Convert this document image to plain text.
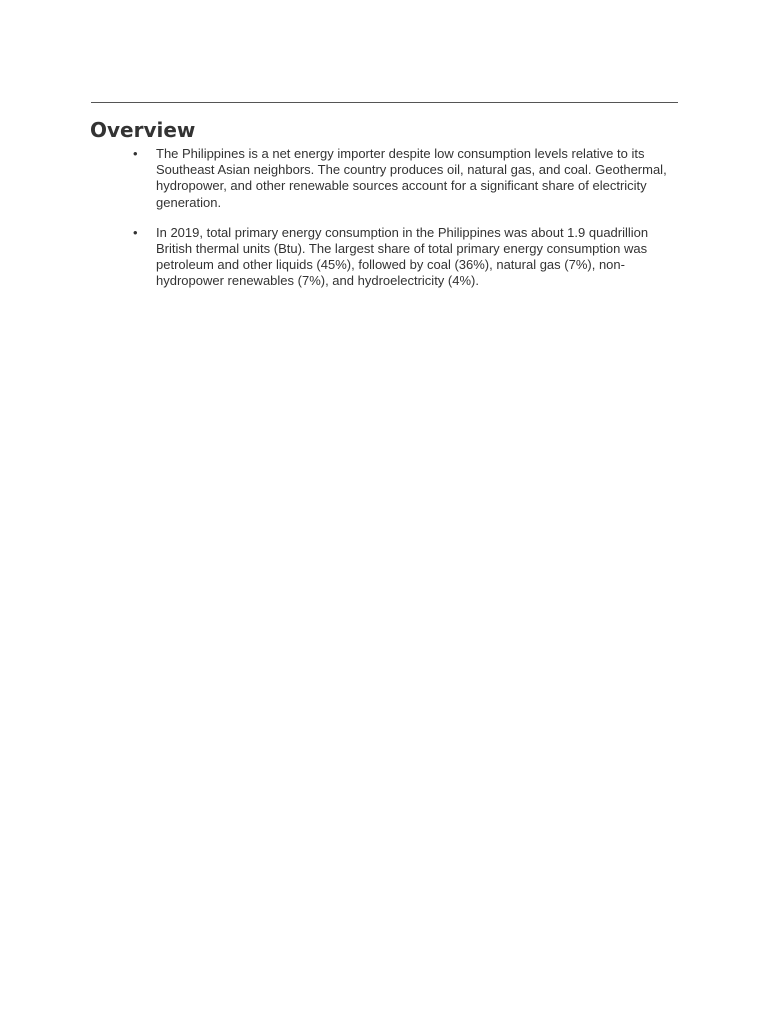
Overview
• The Philippines is a net energy importer despite low consumption levels relative to its Southeast Asian neighbors. The country produces oil, natural gas, and coal. Geothermal, hydropower, and other renewable sources account for a significant share of electricity generation.
• In 2019, total primary energy consumption in the Philippines was about 1.9 quadrillion British thermal units (Btu). The largest share of total primary energy consumption was petroleum and other liquids (45%), followed by coal (36%), natural gas (7%), non-hydropower renewables (7%), and hydroelectricity (4%).
